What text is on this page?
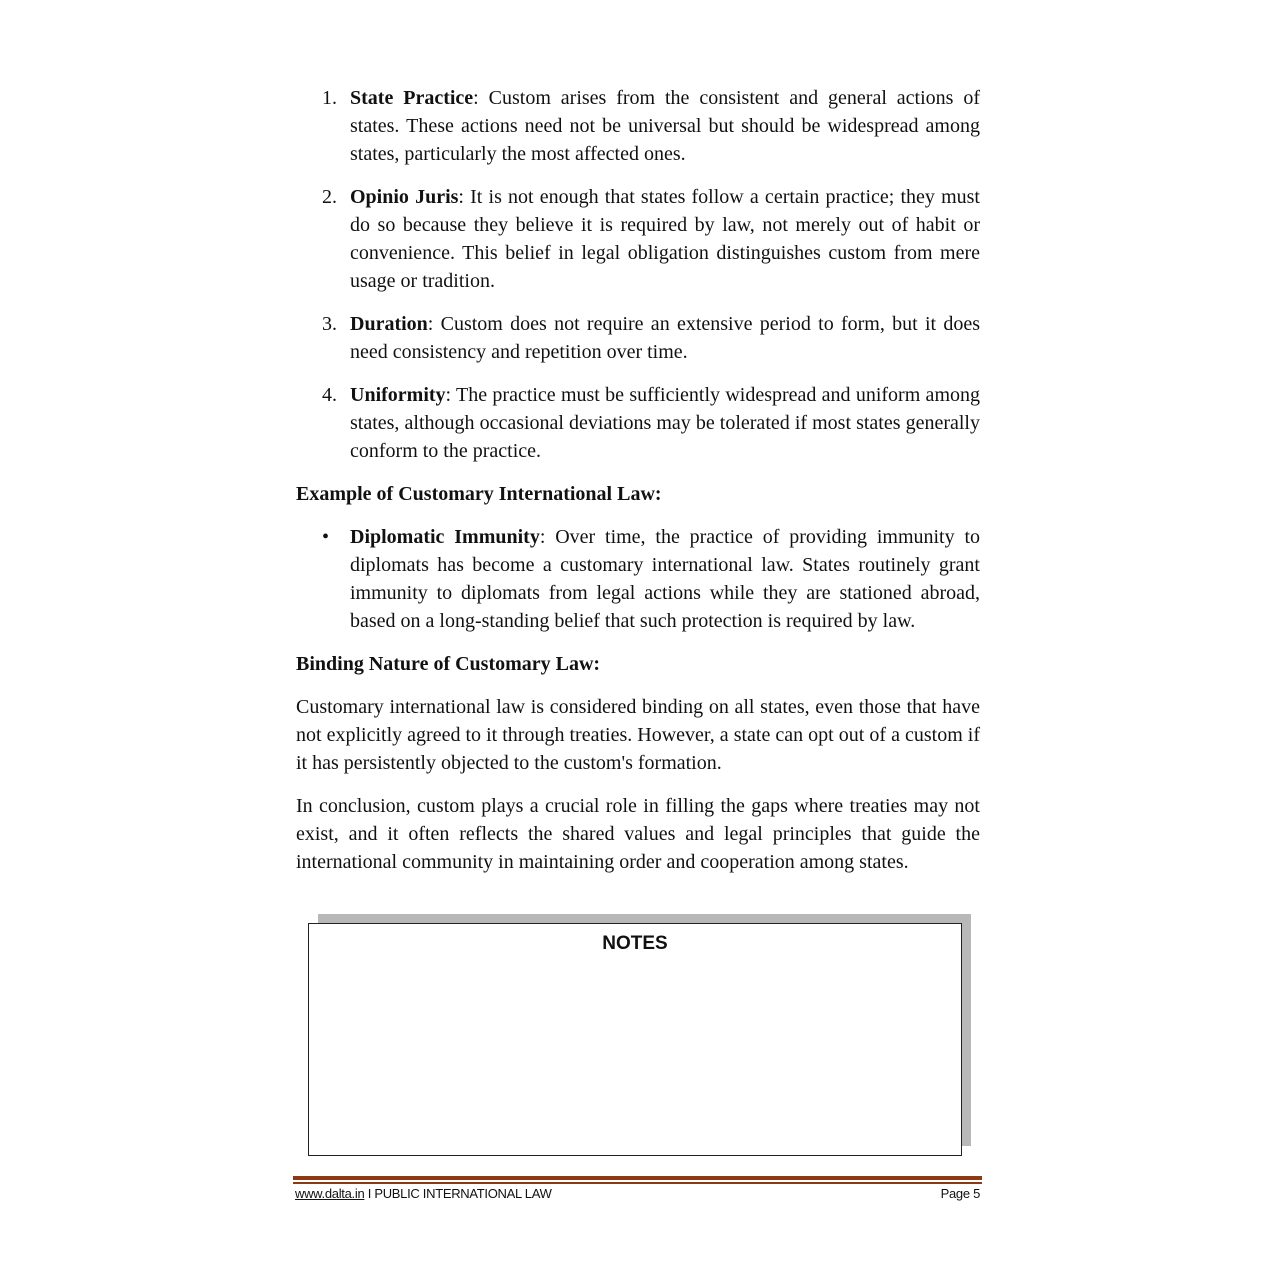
1. State Practice: Custom arises from the consistent and general actions of states. These actions need not be universal but should be widespread among states, particularly the most affected ones.
2. Opinio Juris: It is not enough that states follow a certain practice; they must do so because they believe it is required by law, not merely out of habit or convenience. This belief in legal obligation distinguishes custom from mere usage or tradition.
3. Duration: Custom does not require an extensive period to form, but it does need consistency and repetition over time.
4. Uniformity: The practice must be sufficiently widespread and uniform among states, although occasional deviations may be tolerated if most states generally conform to the practice.
Example of Customary International Law:
•	Diplomatic Immunity: Over time, the practice of providing immunity to diplomats has become a customary international law. States routinely grant immunity to diplomats from legal actions while they are stationed abroad, based on a long-standing belief that such protection is required by law.
Binding Nature of Customary Law:
Customary international law is considered binding on all states, even those that have not explicitly agreed to it through treaties. However, a state can opt out of a custom if it has persistently objected to the custom's formation.
In conclusion, custom plays a crucial role in filling the gaps where treaties may not exist, and it often reflects the shared values and legal principles that guide the international community in maintaining order and cooperation among states.
NOTES
www.dalta.in I PUBLIC INTERNATIONAL LAW	Page 5
